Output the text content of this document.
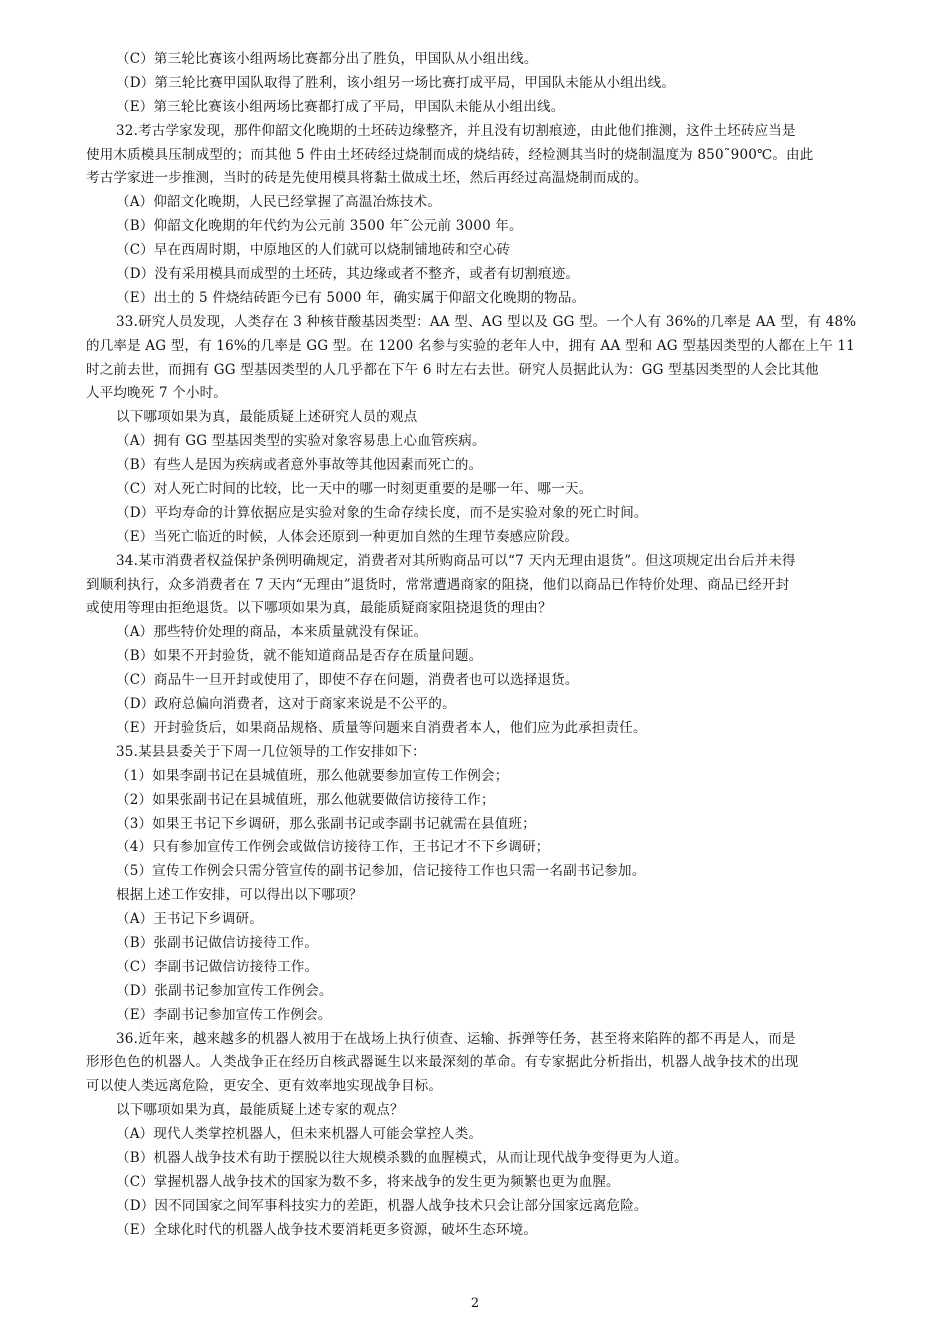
（C）第三轮比赛该小组两场比赛都分出了胜负，甲国队从小组出线。
（D）第三轮比赛甲国队取得了胜利，该小组另一场比赛打成平局，甲国队未能从小组出线。
（E）第三轮比赛该小组两场比赛都打成了平局，甲国队未能从小组出线。
32.考古学家发现，那件仰韶文化晚期的土坯砖边缘整齐，并且没有切割痕迹，由此他们推测，这件土坯砖应当是
使用木质模具压制成型的；而其他 5 件由土坯砖经过烧制而成的烧结砖，经检测其当时的烧制温度为 850˜900℃。由此
考古学家进一步推测，当时的砖是先使用模具将黏土做成土坯，然后再经过高温烧制而成的。
（A）仰韶文化晚期，人民已经掌握了高温冶炼技术。
（B）仰韶文化晚期的年代约为公元前 3500 年˜公元前 3000 年。
（C）早在西周时期，中原地区的人们就可以烧制铺地砖和空心砖
（D）没有采用模具而成型的土坯砖，其边缘或者不整齐，或者有切割痕迹。
（E）出土的 5 件烧结砖距今已有 5000 年，确实属于仰韶文化晚期的物品。
33.研究人员发现，人类存在 3 种核苷酸基因类型：AA 型、AG 型以及 GG 型。一个人有 36%的几率是 AA 型，有 48%
的几率是 AG 型，有 16%的几率是 GG 型。在 1200 名参与实验的老年人中，拥有 AA 型和 AG 型基因类型的人都在上午 11
时之前去世，而拥有 GG 型基因类型的人几乎都在下午 6 时左右去世。研究人员据此认为：GG 型基因类型的人会比其他
人平均晚死 7 个小时。
以下哪项如果为真，最能质疑上述研究人员的观点
（A）拥有 GG 型基因类型的实验对象容易患上心血管疾病。
（B）有些人是因为疾病或者意外事故等其他因素而死亡的。
（C）对人死亡时间的比较，比一天中的哪一时刻更重要的是哪一年、哪一天。
（D）平均寿命的计算依据应是实验对象的生命存续长度，而不是实验对象的死亡时间。
（E）当死亡临近的时候，人体会还原到一种更加自然的生理节奏感应阶段。
34.某市消费者权益保护条例明确规定，消费者对其所购商品可以“7 天内无理由退货”。但这项规定出台后并未得
到顺利执行，众多消费者在 7 天内“无理由”退货时，常常遭遇商家的阻挠，他们以商品已作特价处理、商品已经开封
或使用等理由拒绝退货。以下哪项如果为真，最能质疑商家阻挠退货的理由？
（A）那些特价处理的商品，本来质量就没有保证。
（B）如果不开封验货，就不能知道商品是否存在质量问题。
（C）商品牛一旦开封或使用了，即使不存在问题，消费者也可以选择退货。
（D）政府总偏向消费者，这对于商家来说是不公平的。
（E）开封验货后，如果商品规格、质量等问题来自消费者本人，他们应为此承担责任。
35.某县县委关于下周一几位领导的工作安排如下：
（1）如果李副书记在县城值班，那么他就要参加宣传工作例会；
（2）如果张副书记在县城值班，那么他就要做信访接待工作；
（3）如果王书记下乡调研，那么张副书记或李副书记就需在县值班；
（4）只有参加宣传工作例会或做信访接待工作，王书记才不下乡调研；
（5）宣传工作例会只需分管宣传的副书记参加，信记接待工作也只需一名副书记参加。
根据上述工作安排，可以得出以下哪项？
（A）王书记下乡调研。
（B）张副书记做信访接待工作。
（C）李副书记做信访接待工作。
（D）张副书记参加宣传工作例会。
（E）李副书记参加宣传工作例会。
36.近年来，越来越多的机器人被用于在战场上执行侦查、运输、拆弹等任务，甚至将来陷阵的都不再是人，而是
形形色色的机器人。人类战争正在经历自核武器诞生以来最深刻的革命。有专家据此分析指出，机器人战争技术的出现
可以使人类远离危险，更安全、更有效率地实现战争目标。
以下哪项如果为真，最能质疑上述专家的观点？
（A）现代人类掌控机器人，但未来机器人可能会掌控人类。
（B）机器人战争技术有助于摆脱以往大规模杀戮的血腥模式，从而让现代战争变得更为人道。
（C）掌握机器人战争技术的国家为数不多，将来战争的发生更为频繁也更为血腥。
（D）因不同国家之间军事科技实力的差距，机器人战争技术只会让部分国家远离危险。
（E）全球化时代的机器人战争技术要消耗更多资源，破坏生态环境。
2
